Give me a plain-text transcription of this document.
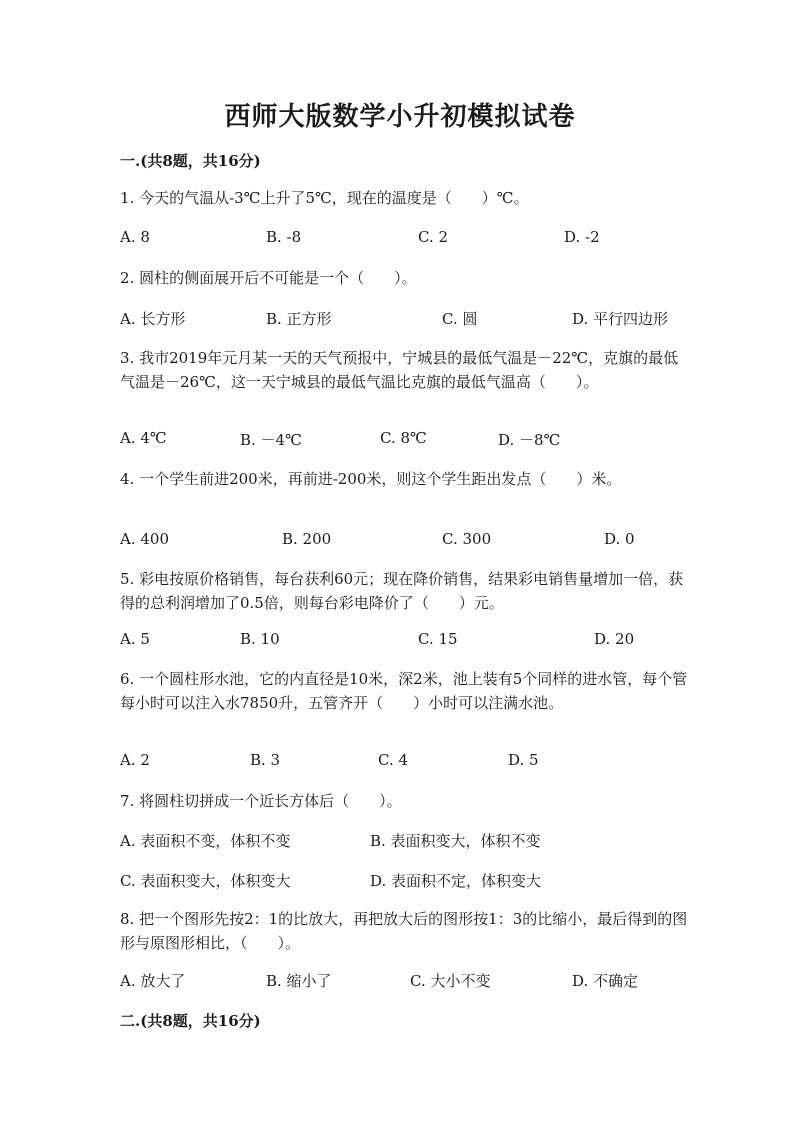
西师大版数学小升初模拟试卷
一.(共8题，共16分)
1. 今天的气温从-3℃上升了5℃，现在的温度是（　　）℃。
A. 8	B. -8	C. 2	D. -2
2. 圆柱的侧面展开后不可能是一个（　　）。
A. 长方形	B. 正方形	C. 圆	D. 平行四边形
3. 我市2019年元月某一天的天气预报中，宁城县的最低气温是－22℃，克旗的最低气温是－26℃，这一天宁城县的最低气温比克旗的最低气温高（　　）。
A. 4℃	B. －4℃	C. 8℃	D. －8℃
4. 一个学生前进200米，再前进-200米，则这个学生距出发点（　　）米。
A. 400	B. 200	C. 300	D. 0
5. 彩电按原价格销售，每台获利60元；现在降价销售，结果彩电销售量增加一倍，获得的总利润增加了0.5倍，则每台彩电降价了（　　）元。
A. 5	B. 10	C. 15	D. 20
6. 一个圆柱形水池，它的内直径是10米，深2米，池上装有5个同样的进水管，每个管每小时可以注入水7850升，五管齐开（　　）小时可以注满水池。
A. 2	B. 3	C. 4	D. 5
7. 将圆柱切拼成一个近长方体后（　　）。
A. 表面积不变，体积不变	B. 表面积变大，体积不变
C. 表面积变大，体积变大	D. 表面积不定，体积变大
8. 把一个图形先按2：1的比放大，再把放大后的图形按1：3的比缩小，最后得到的图形与原图形相比，（　　）。
A. 放大了	B. 缩小了	C. 大小不变	D. 不确定
二.(共8题，共16分)
